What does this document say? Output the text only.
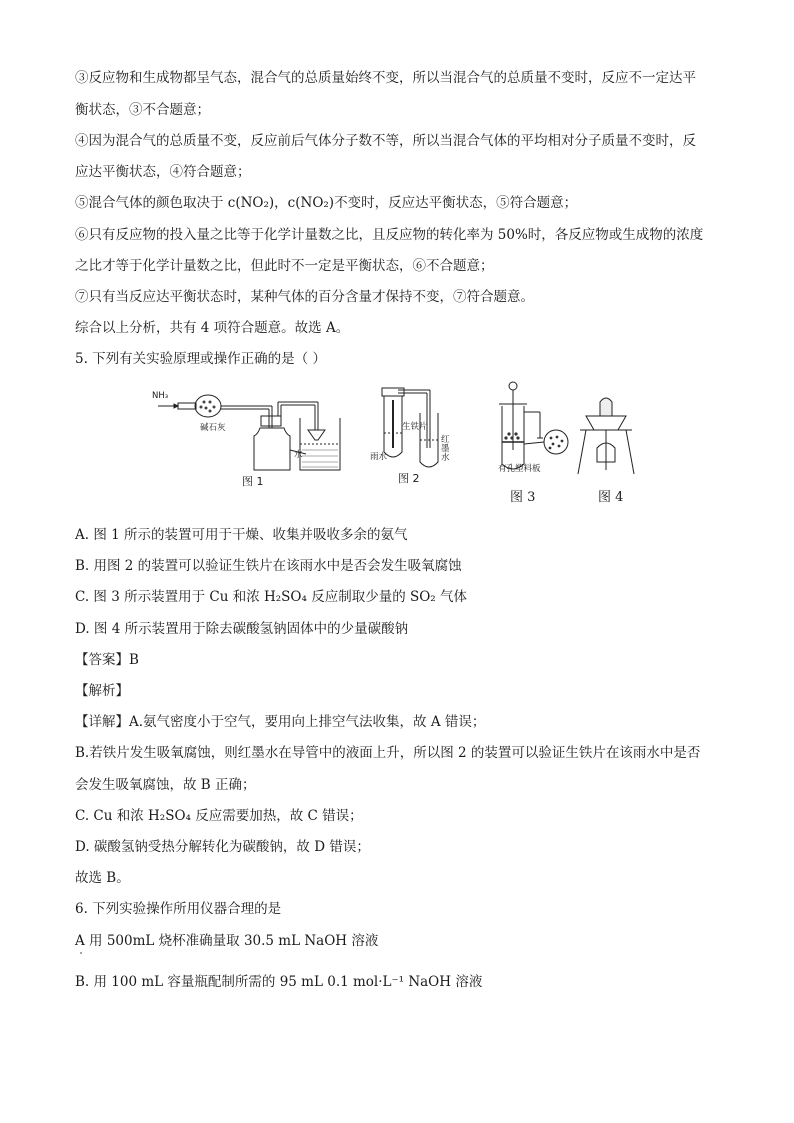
③反应物和生成物都呈气态，混合气的总质量始终不变，所以当混合气的总质量不变时，反应不一定达平
衡状态，③不合题意；
④因为混合气的总质量不变，反应前后气体分子数不等，所以当混合气体的平均相对分子质量不变时，反
应达平衡状态，④符合题意；
⑤混合气体的颜色取决于 c(NO₂)，c(NO₂)不变时，反应达平衡状态，⑤符合题意；
⑥只有反应物的投入量之比等于化学计量数之比，且反应物的转化率为 50%时，各反应物或生成物的浓度
之比才等于化学计量数之比，但此时不一定是平衡状态，⑥不合题意；
⑦只有当反应达平衡状态时，某种气体的百分含量才保持不变，⑦符合题意。
综合以上分析，共有 4 项符合题意。故选 A。
5. 下列有关实验原理或操作正确的是（ ）
NH₃
碱石灰
水
图 1
雨水
生铁片
红墨水
图 2
有孔塑料板
图 3	图 4
A. 图 1 所示的装置可用于干燥、收集并吸收多余的氨气
B. 用图 2 的装置可以验证生铁片在该雨水中是否会发生吸氧腐蚀
C. 图 3 所示装置用于 Cu 和浓 H₂SO₄ 反应制取少量的 SO₂ 气体
D. 图 4 所示装置用于除去碳酸氢钠固体中的少量碳酸钠
【答案】B
【解析】
【详解】A.氨气密度小于空气，要用向上排空气法收集，故 A 错误；
B.若铁片发生吸氧腐蚀，则红墨水在导管中的液面上升，所以图 2 的装置可以验证生铁片在该雨水中是否
会发生吸氧腐蚀，故 B 正确；
C. Cu 和浓 H₂SO₄ 反应需要加热，故 C 错误；
D. 碳酸氢钠受热分解转化为碳酸钠，故 D 错误；
故选 B。
6. 下列实验操作所用仪器合理的是
A 用 500mL 烧杯准确量取 30.5 mL NaOH 溶液
B. 用 100 mL 容量瓶配制所需的 95 mL 0.1 mol·L⁻¹ NaOH 溶液
